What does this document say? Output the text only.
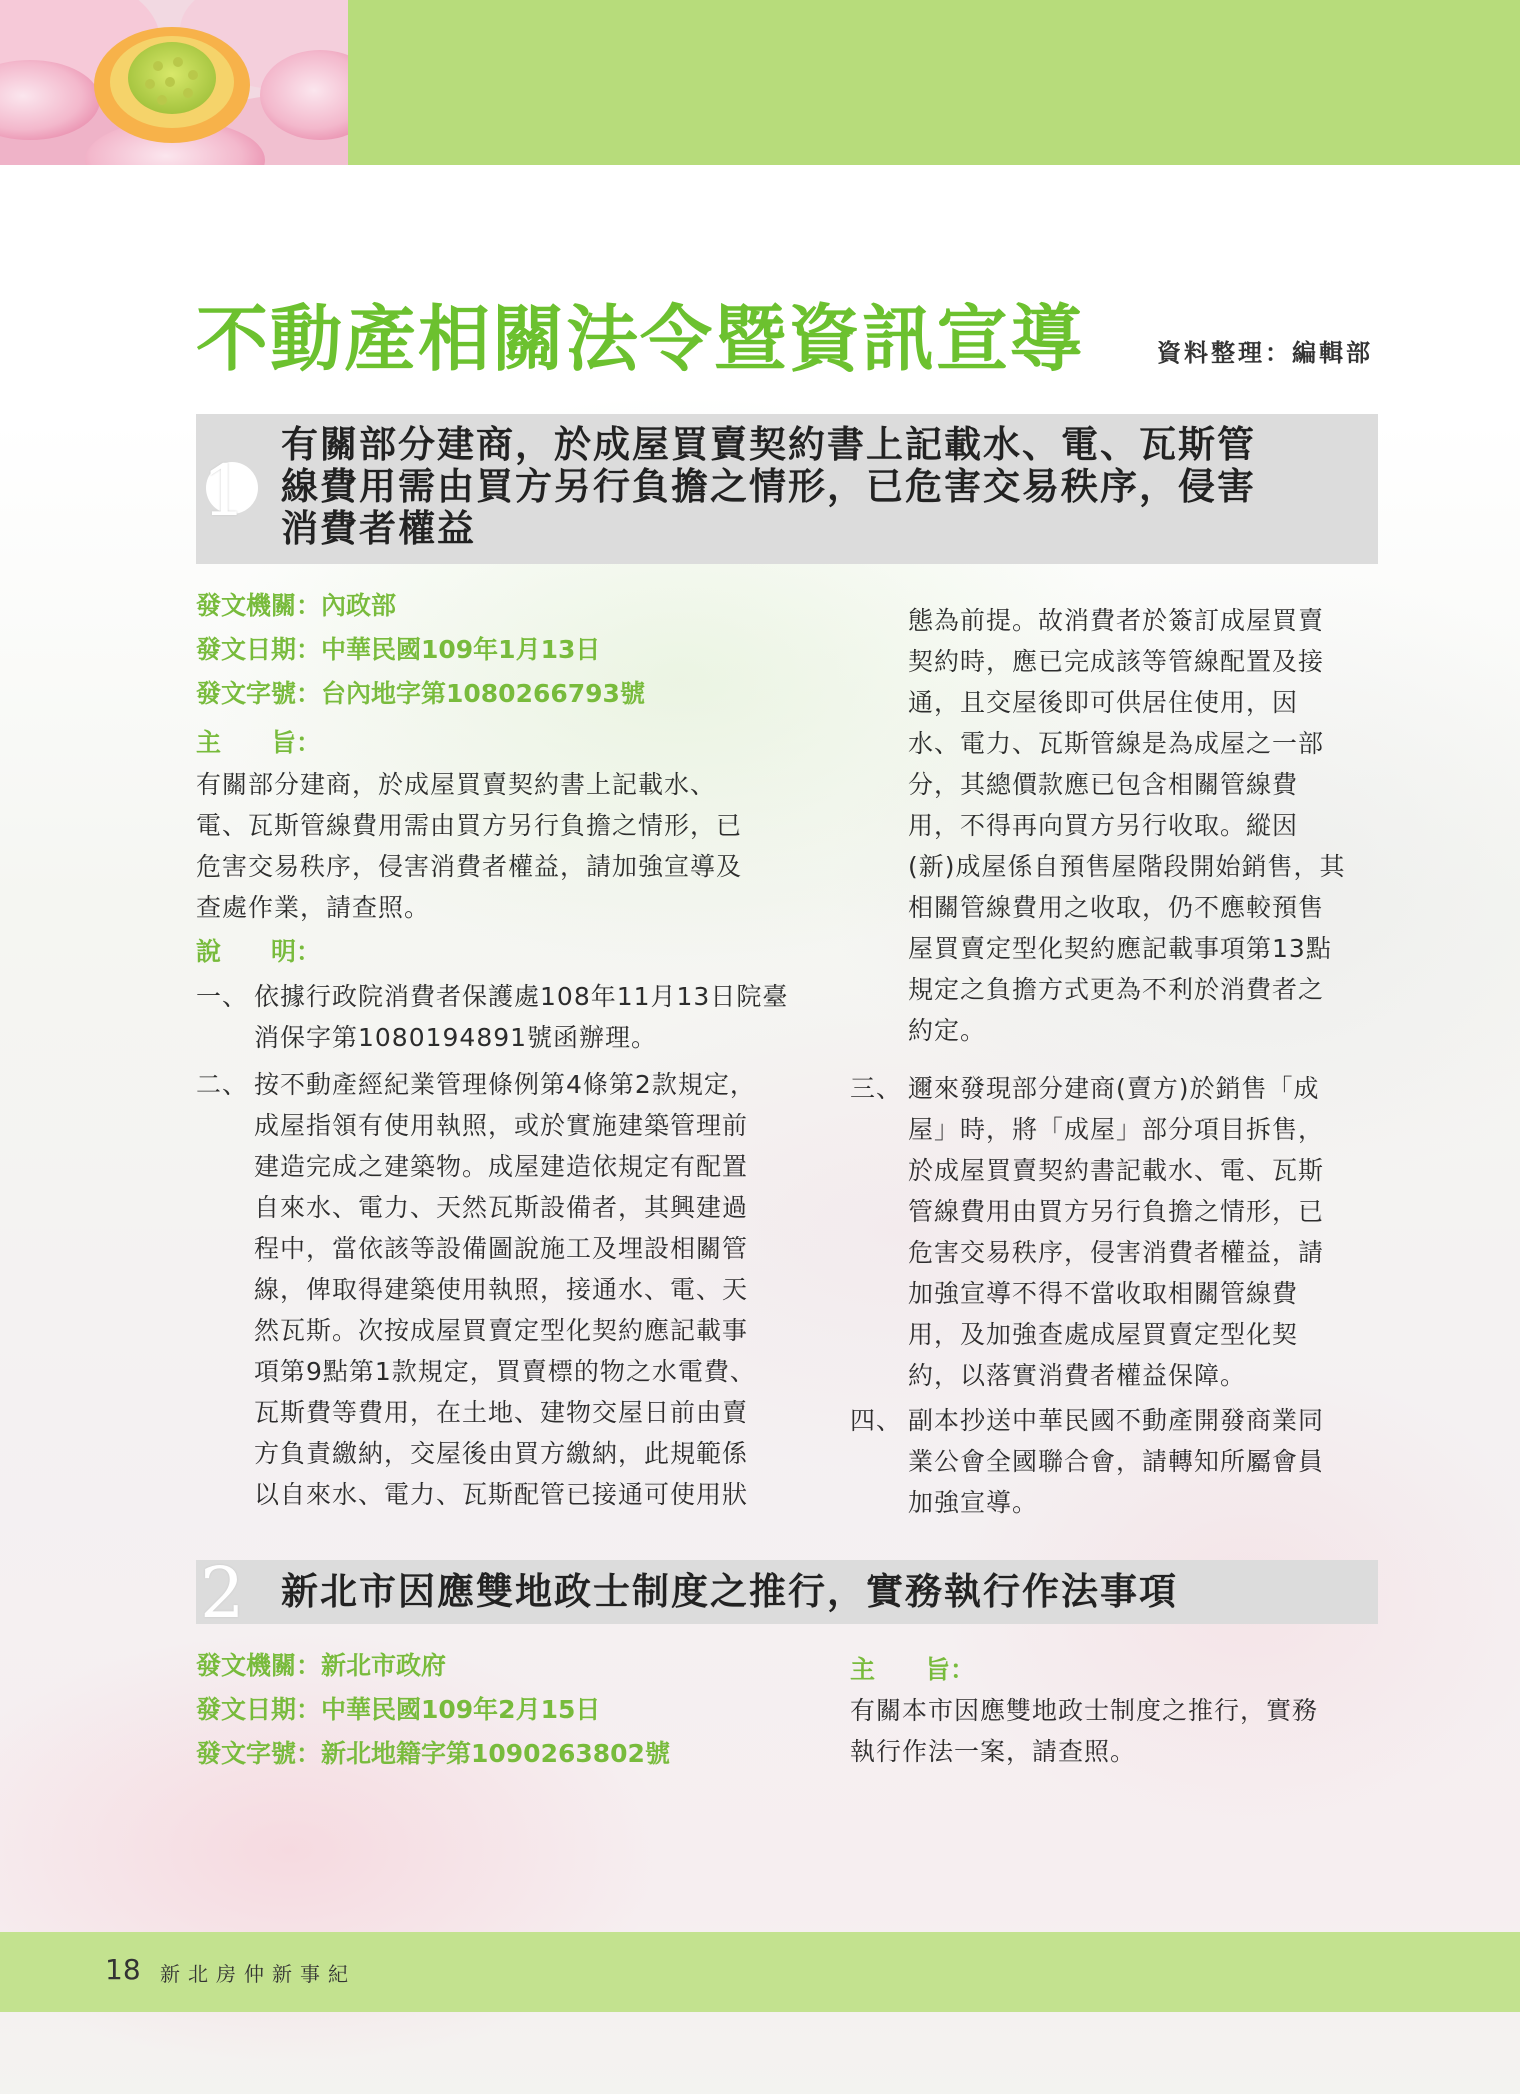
不動產相關法令暨資訊宣導	資料整理：編輯部
1
有關部分建商，於成屋買賣契約書上記載水、電、瓦斯管
線費用需由買方另行負擔之情形，已危害交易秩序，侵害
消費者權益
發文機關：內政部
發文日期：中華民國109年1月13日
發文字號：台內地字第1080266793號
主　　旨：
有關部分建商，於成屋買賣契約書上記載水、
電、瓦斯管線費用需由買方另行負擔之情形，已
危害交易秩序，侵害消費者權益，請加強宣導及
查處作業，請查照。
說　　明：
一、 依據行政院消費者保護處108年11月13日院臺
消保字第1080194891號函辦理。
二、 按不動產經紀業管理條例第4條第2款規定，
成屋指領有使用執照，或於實施建築管理前
建造完成之建築物。成屋建造依規定有配置
自來水、電力、天然瓦斯設備者，其興建過
程中，當依該等設備圖說施工及埋設相關管
線，俾取得建築使用執照，接通水、電、天
然瓦斯。次按成屋買賣定型化契約應記載事
項第9點第1款規定，買賣標的物之水電費、
瓦斯費等費用，在土地、建物交屋日前由賣
方負責繳納，交屋後由買方繳納，此規範係
以自來水、電力、瓦斯配管已接通可使用狀
態為前提。故消費者於簽訂成屋買賣
契約時，應已完成該等管線配置及接
通，且交屋後即可供居住使用，因
水、電力、瓦斯管線是為成屋之一部
分，其總價款應已包含相關管線費
用，不得再向買方另行收取。縱因
(新)成屋係自預售屋階段開始銷售，其
相關管線費用之收取，仍不應較預售
屋買賣定型化契約應記載事項第13點
規定之負擔方式更為不利於消費者之
約定。
三、 邇來發現部分建商(賣方)於銷售「成
屋」時，將「成屋」部分項目拆售，
於成屋買賣契約書記載水、電、瓦斯
管線費用由買方另行負擔之情形，已
危害交易秩序，侵害消費者權益，請
加強宣導不得不當收取相關管線費
用，及加強查處成屋買賣定型化契
約，以落實消費者權益保障。
四、 副本抄送中華民國不動產開發商業同
業公會全國聯合會，請轉知所屬會員
加強宣導。
2 新北市因應雙地政士制度之推行，實務執行作法事項
發文機關：新北市政府
發文日期：中華民國109年2月15日
發文字號：新北地籍字第1090263802號
主　　旨：
有關本市因應雙地政士制度之推行，實務
執行作法一案，請查照。
18 新北房仲新事紀
